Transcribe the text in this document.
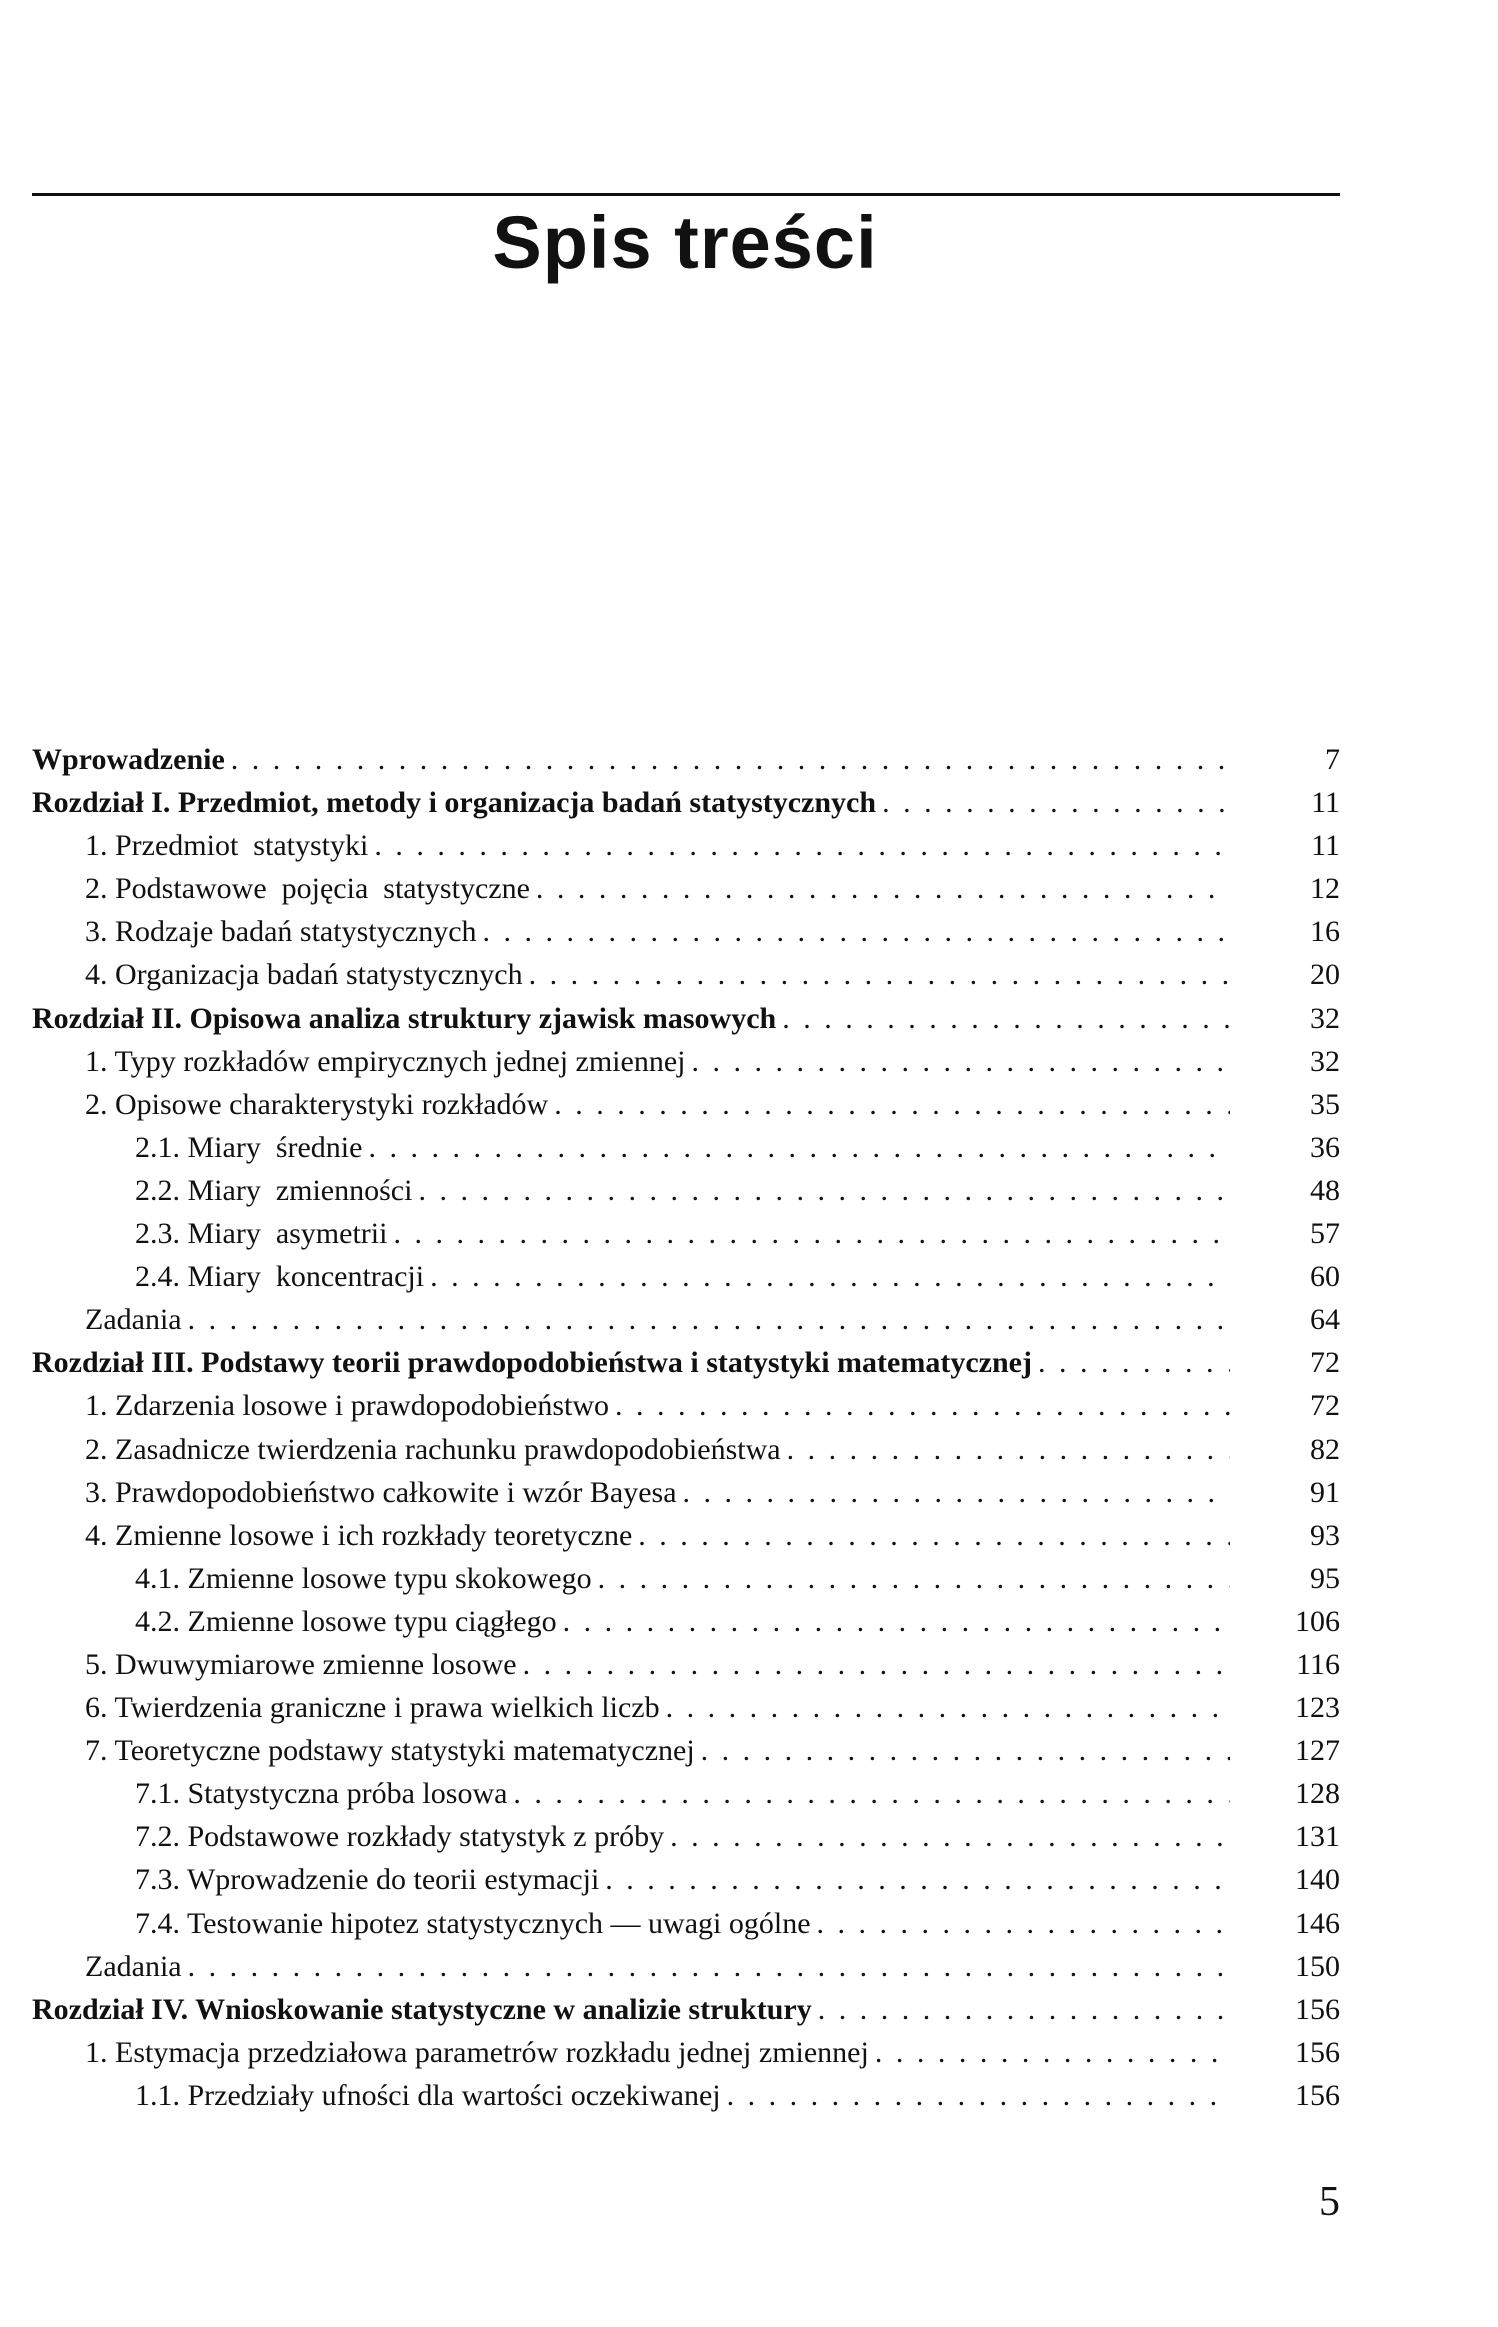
Spis treści
Wprowadzenie . . .	7
Rozdział I. Przedmiot, metody i organizacja badań statystycznych . . .	11
1. Przedmiot  statystyki . . .	11
2. Podstawowe  pojęcia  statystyczne . . .	12
3. Rodzaje badań statystycznych . . .	16
4. Organizacja badań statystycznych . . .	20
Rozdział II. Opisowa analiza struktury zjawisk masowych . . .	32
1. Typy rozkładów empirycznych jednej zmiennej . . .	32
2. Opisowe charakterystyki rozkładów . . .	35
2.1. Miary  średnie . . .	36
2.2. Miary  zmienności . . .	48
2.3. Miary  asymetrii . . .	57
2.4. Miary  koncentracji . . .	60
Zadania . . .	64
Rozdział III. Podstawy teorii prawdopodobieństwa i statystyki matematycznej . . .	72
1. Zdarzenia losowe i prawdopodobieństwo . . .	72
2. Zasadnicze twierdzenia rachunku prawdopodobieństwa . . .	82
3. Prawdopodobieństwo całkowite i wzór Bayesa . . .	91
4. Zmienne losowe i ich rozkłady teoretyczne . . .	93
4.1. Zmienne losowe typu skokowego . . .	95
4.2. Zmienne losowe typu ciągłego . . .	106
5. Dwuwymiarowe zmienne losowe . . .	116
6. Twierdzenia graniczne i prawa wielkich liczb . . .	123
7. Teoretyczne podstawy statystyki matematycznej . . .	127
7.1. Statystyczna próba losowa . . .	128
7.2. Podstawowe rozkłady statystyk z próby . . .	131
7.3. Wprowadzenie do teorii estymacji . . .	140
7.4. Testowanie hipotez statystycznych — uwagi ogólne . . .	146
Zadania . . .	150
Rozdział IV. Wnioskowanie statystyczne w analizie struktury . . .	156
1. Estymacja przedziałowa parametrów rozkładu jednej zmiennej . . .	156
1.1. Przedziały ufności dla wartości oczekiwanej . . .	156
5
